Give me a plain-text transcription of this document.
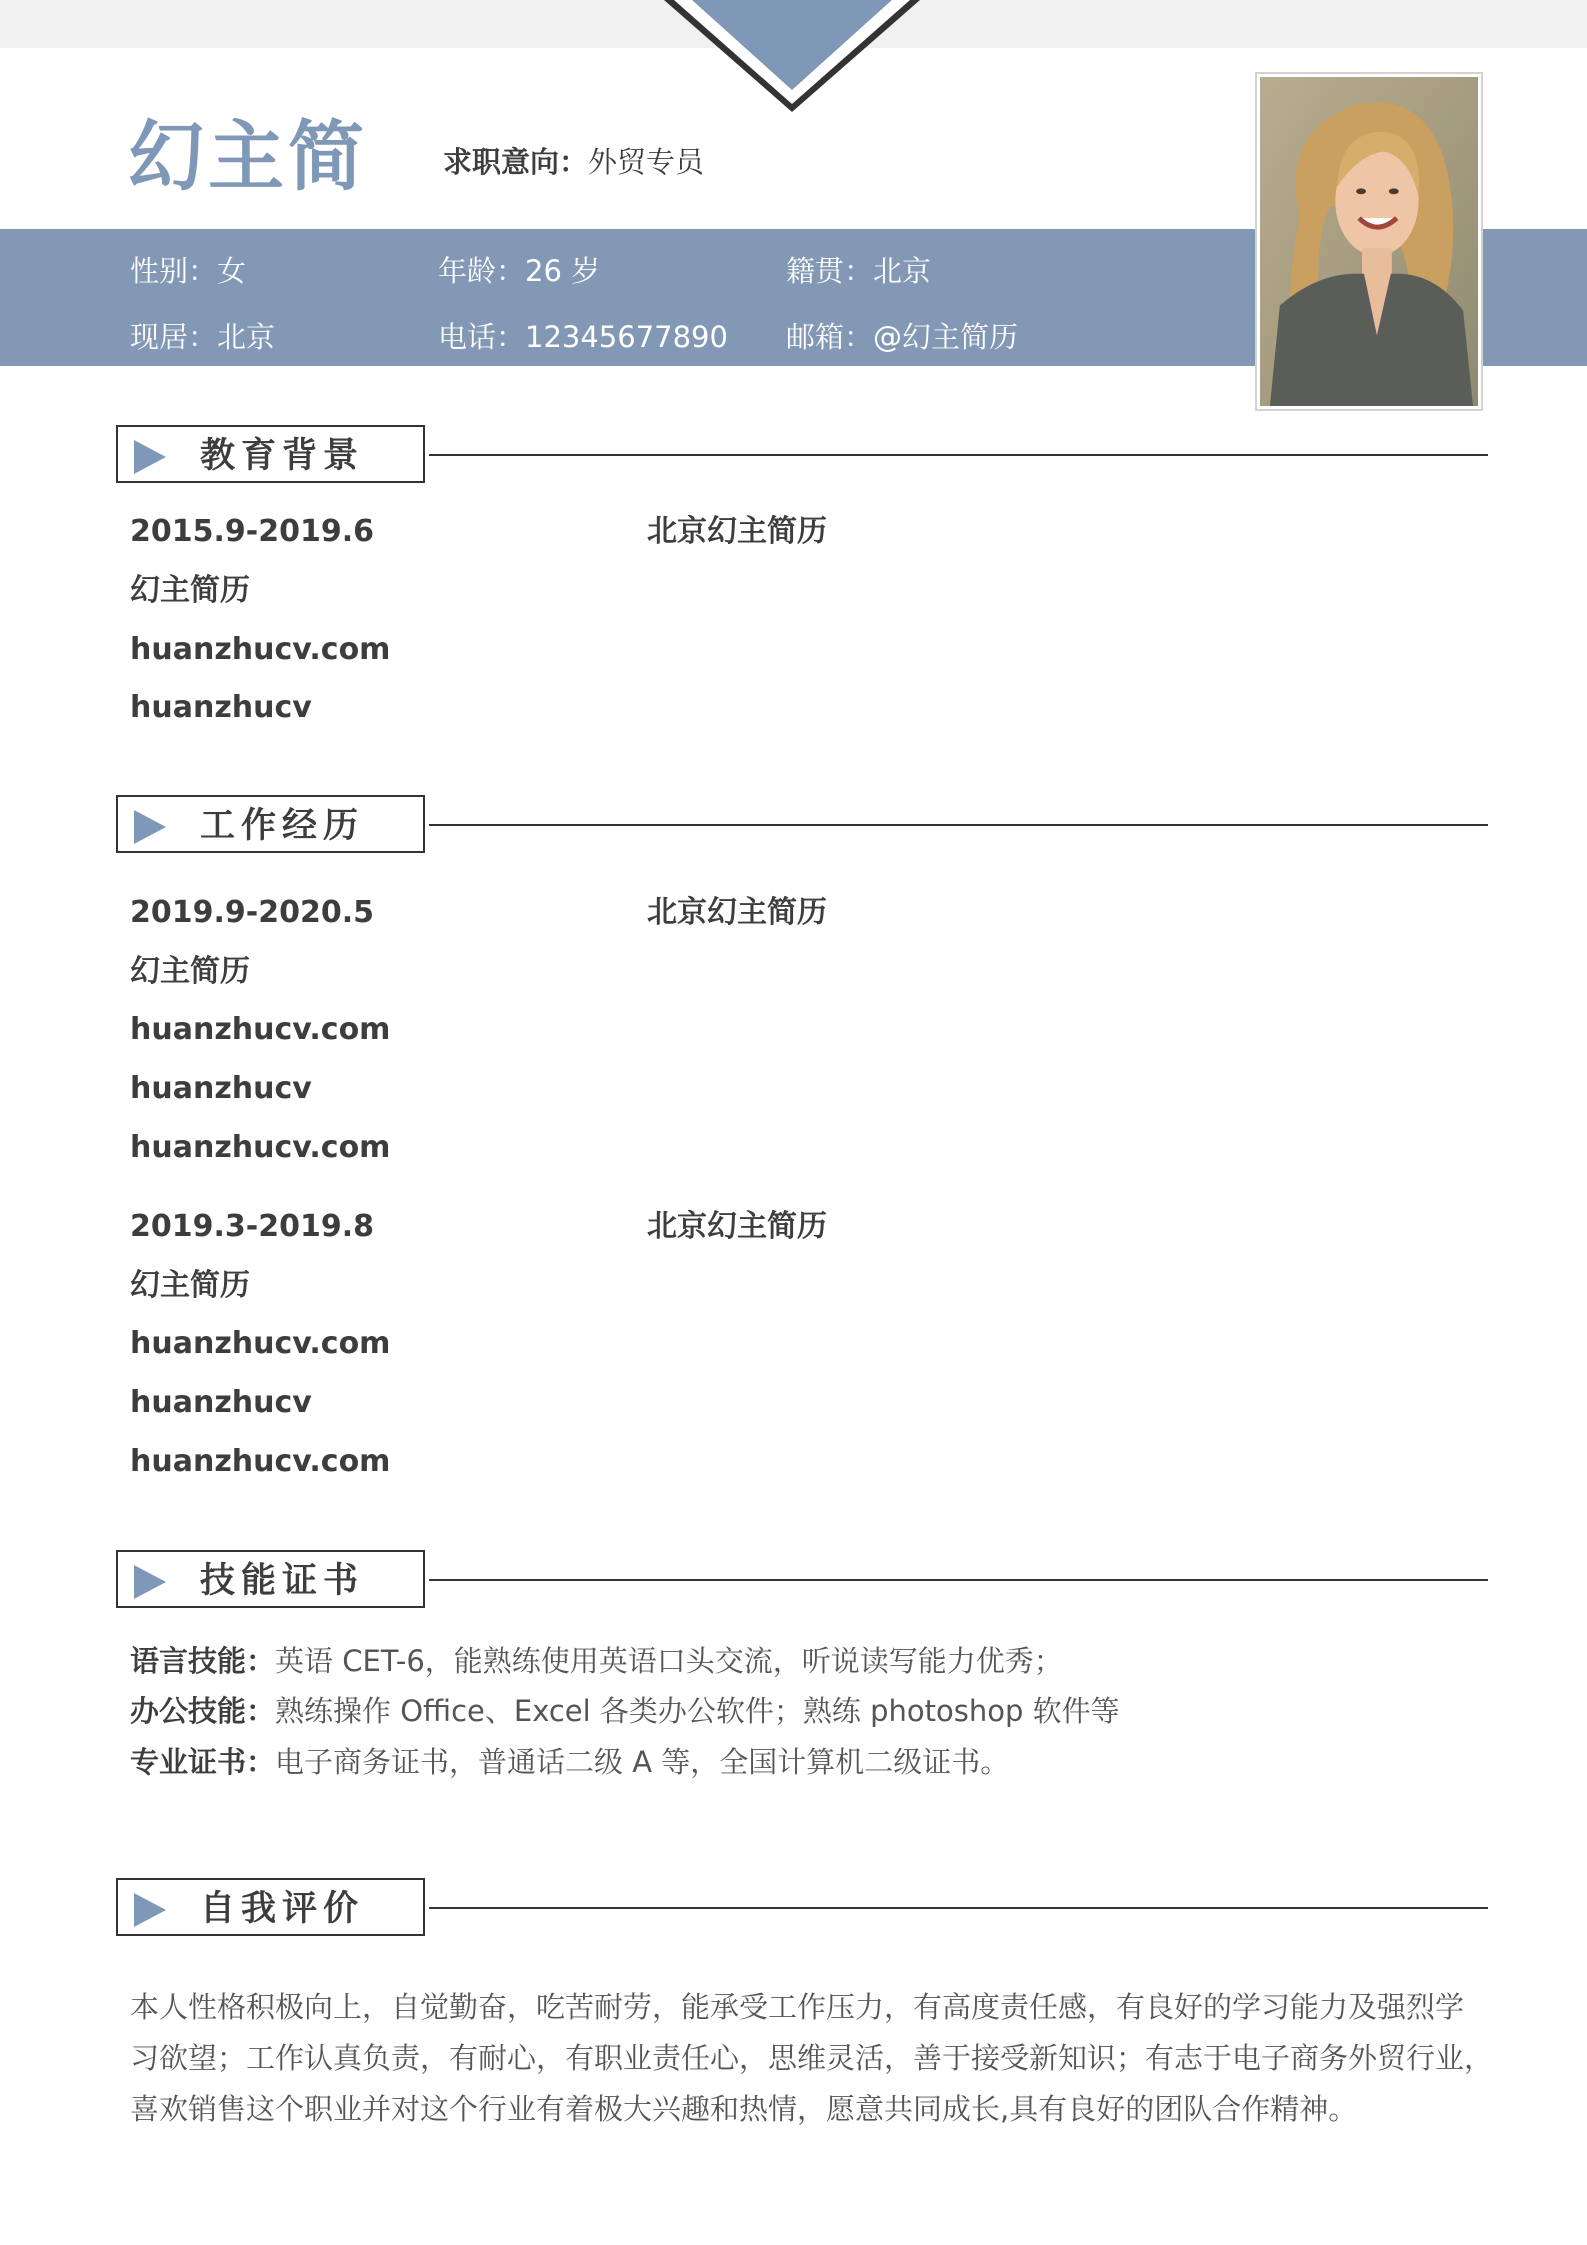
幻主简	求职意向：外贸专员
性别：女	年龄：26 岁	籍贯：北京
现居：北京	电话：12345677890 邮箱：@幻主简历
教育背景
2015.9-2019.6	北京幻主简历
幻主简历
huanzhucv.com
huanzhucv
工作经历
2019.9-2020.5	北京幻主简历
幻主简历
huanzhucv.com
huanzhucv
huanzhucv.com
2019.3-2019.8	北京幻主简历
幻主简历
huanzhucv.com
huanzhucv
huanzhucv.com
技能证书
语言技能：英语 CET-6，能熟练使用英语口头交流，听说读写能力优秀；
办公技能：熟练操作 Office、Excel 各类办公软件；熟练 photoshop 软件等
专业证书：电子商务证书，普通话二级 A 等，全国计算机二级证书。
自我评价
本人性格积极向上，自觉勤奋，吃苦耐劳，能承受工作压力，有高度责任感，有良好的学习能力及强烈学
习欲望；工作认真负责，有耐心，有职业责任心，思维灵活，善于接受新知识；有志于电子商务外贸行业，
喜欢销售这个职业并对这个行业有着极大兴趣和热情，愿意共同成长,具有良好的团队合作精神。
